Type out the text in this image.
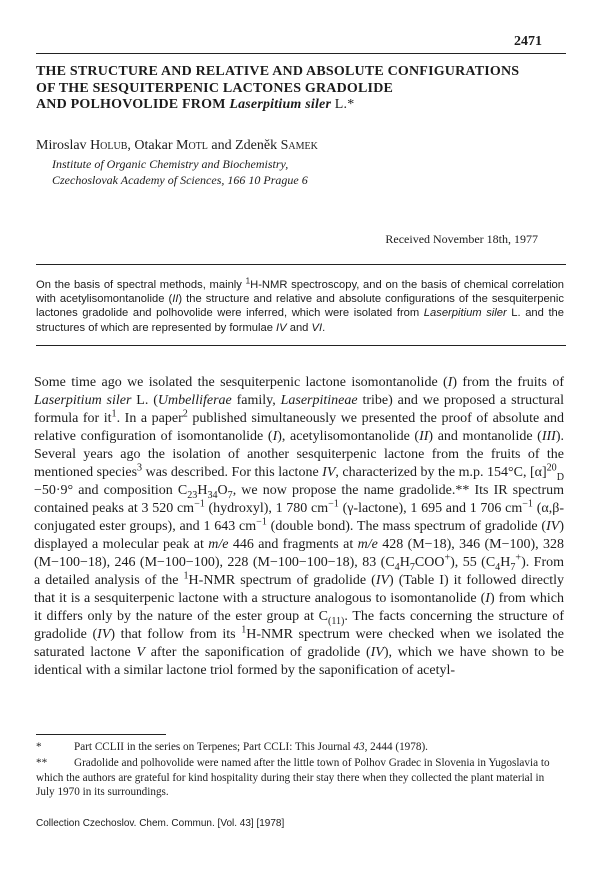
2471
THE STRUCTURE AND RELATIVE AND ABSOLUTE CONFIGURATIONS
OF THE SESQUITERPENIC LACTONES GRADOLIDE
AND POLHOVOLIDE FROM Laserpitium siler L.*
Miroslav Holub, Otakar Motl and Zdeněk Samek
Institute of Organic Chemistry and Biochemistry,
Czechoslovak Academy of Sciences, 166 10 Prague 6
Received November 18th, 1977
On the basis of spectral methods, mainly $^1$H-NMR spectroscopy, and on the basis of chemical correlation with acetylisomontanolide (II) the structure and relative and absolute configurations of the sesquiterpenic lactones gradolide and polhovolide were inferred, which were isolated from Laserpitium siler L. and the structures of which are represented by formulae IV and VI.

Some time ago we isolated the sesquiterpenic lactone isomontanolide (I) from the fruits of Laserpitium siler L. (Umbelliferae family, Laserpitineae tribe) and we proposed a structural formula for $it^1$. In a paper$^2$ published simultaneously we presented the proof of absolute and relative configuration of isomontanolide (I), acetylisomontanolide (II) and montanolide (III). Several years ago the isolation of another sesquiterpenic lactone from the fruits of the mentioned species$^3$ was described. For this lactone IV, characterized by the m.p. 154°C, $[\alpha]^{20}_D -50\cdot 9^\circ$ and composition $C_{23}H_{34}O_7$, we now propose the name gradolide.** Its IR spectrum contained peaks at 3 520 $cm^{-1}$ (hydroxyl), 1 780 $cm^{-1}$ (γ-lactone), 1 695 and 1 706 $cm^{-1}$ (α,β-conjugated ester groups), and 1 643 $cm^{-1}$ (double bond). The mass spectrum of gradolide (IV) displayed a molecular peak at m/e 446 and fragments at m/e 428 (M−18), 346 (M−100), 328 (M−100−18), 246 (M−100−100), 228 (M−100−100−18), 83 $(C_4H_7COO^+)$, 55 $(C_4H_7^+)$. From a detailed analysis of the $^1$H-NMR spectrum of gradolide (IV) (Table I) it followed directly that it is a sesquiterpenic lactone with a structure analogous to isomontanolide (I) from which it differs only by the nature of the ester group at $C_{(11)}$. The facts concerning the structure of gradolide (IV) that follow from its $^1$H-NMR spectrum were checked when we isolated the saturated lactone V after the saponification of gradolide (IV), which we have shown to be identical with a similar lactone triol formed by the saponification of acetyl-

*	Part CCLII in the series on Terpenes; Part CCLI: This Journal 43, 2444 (1978).
** Gradolide and polhovolide were named after the little town of Polhov Gradec in Slovenia in Yugoslavia to which the authors are grateful for kind hospitality during their stay there when they collected the plant material in July 1970 in its surroundings.
Collection Czechoslov. Chem. Commun. [Vol. 43] [1978]
